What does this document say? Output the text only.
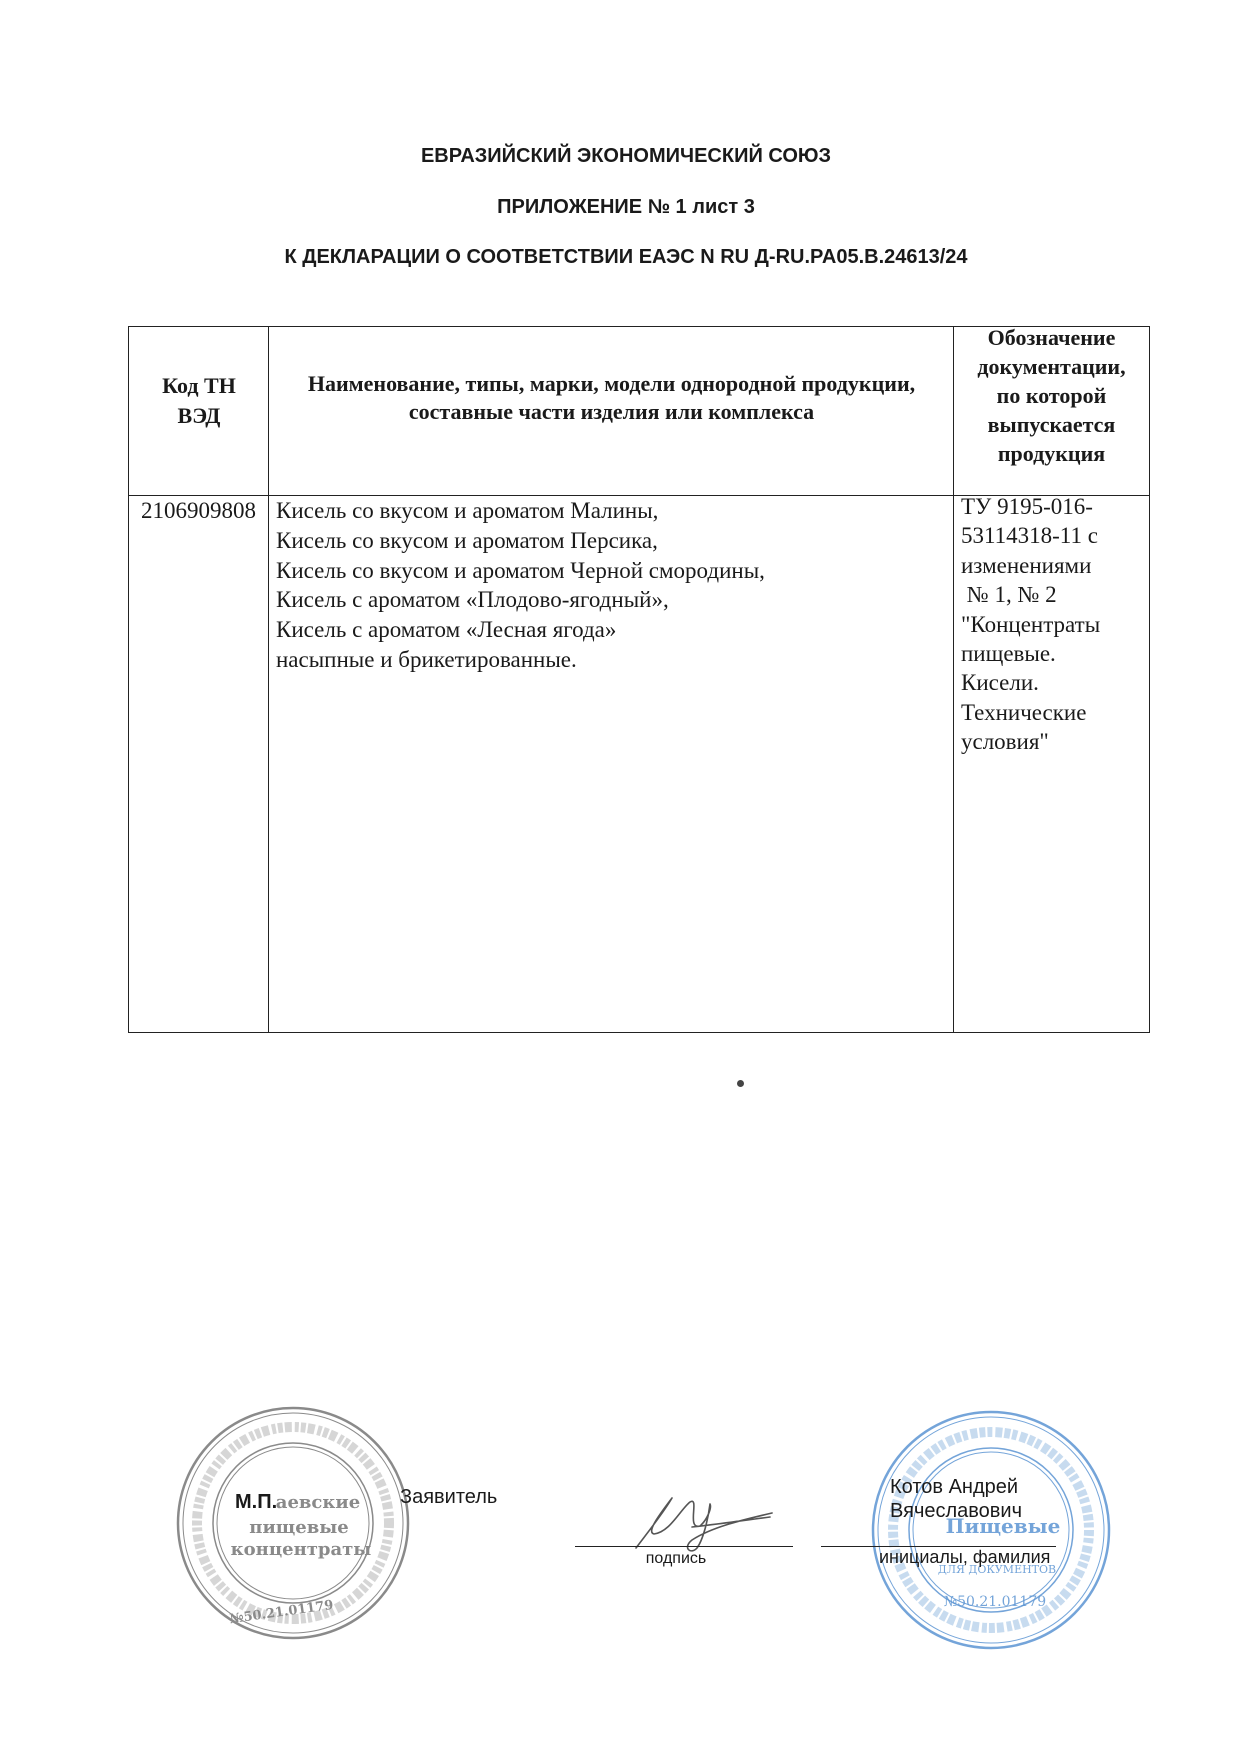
ЕВРАЗИЙСКИЙ ЭКОНОМИЧЕСКИЙ СОЮЗ
ПРИЛОЖЕНИЕ № 1 лист 3
К ДЕКЛАРАЦИИ О СООТВЕТСТВИИ ЕАЭС N RU Д-RU.PA05.B.24613/24
Код ТН
ВЭД
Наименование, типы, марки, модели однородной продукции,
составные части изделия или комплекса
Обозначение
документации,
по которой
выпускается
продукция
2106909808 Кисель со вкусом и ароматом Малины,
Кисель со вкусом и ароматом Персика,
Кисель со вкусом и ароматом Черной смородины,
Кисель с ароматом «Плодово-ягодный»,
Кисель с ароматом «Лесная ягода»
насыпные и брикетированные.
ТУ 9195-016-
53114318-11 с
изменениями
№ 1, № 2
"Концентраты
пищевые.
Кисели.
Технические
условия"
аевские
пищевые
концентраты
№50.21.01179
Пищевые
ДЛЯ ДОКУМЕНТОВ
№50.21.01179
М.П.	Заявитель
подпись
Котов Андрей
Вячеславович
инициалы, фамилия
